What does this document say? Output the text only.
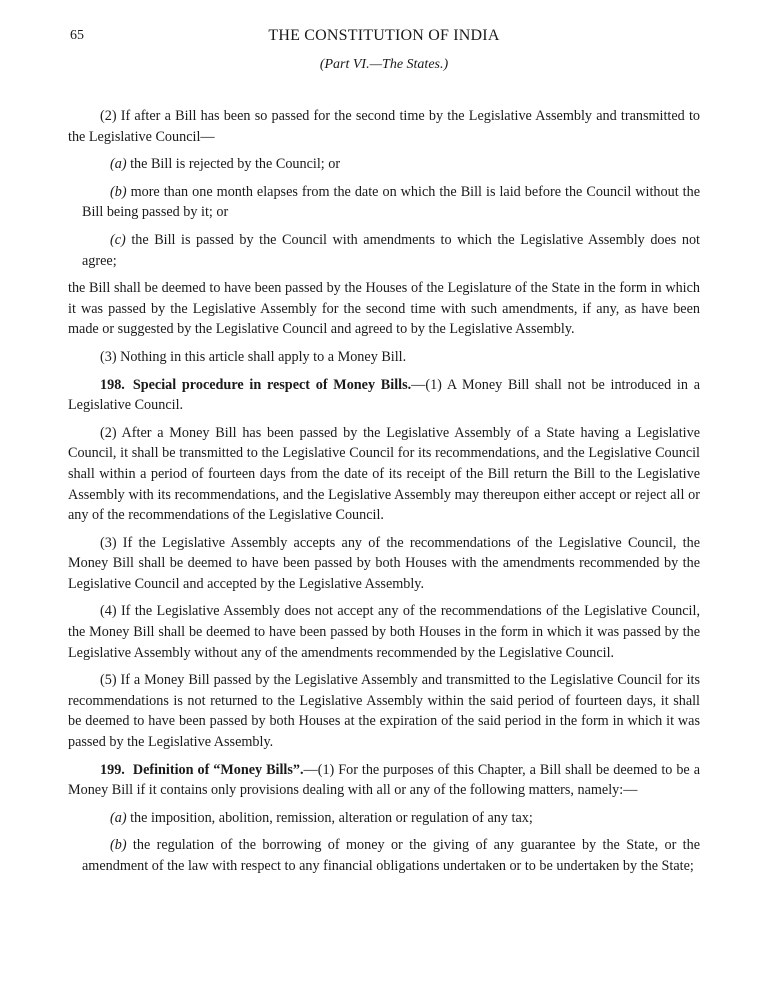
65	THE CONSTITUTION OF INDIA
(Part VI.—The States.)

(2) If after a Bill has been so passed for the second time by the Legislative Assembly and transmitted to the Legislative Council—

(a) the Bill is rejected by the Council; or

(b) more than one month elapses from the date on which the Bill is laid before the Council without the Bill being passed by it; or

(c) the Bill is passed by the Council with amendments to which the Legislative Assembly does not agree;

the Bill shall be deemed to have been passed by the Houses of the Legislature of the State in the form in which it was passed by the Legislative Assembly for the second time with such amendments, if any, as have been made or suggested by the Legislative Council and agreed to by the Legislative Assembly.

(3) Nothing in this article shall apply to a Money Bill.

198. Special procedure in respect of Money Bills.—(1) A Money Bill shall not be introduced in a Legislative Council.

(2) After a Money Bill has been passed by the Legislative Assembly of a State having a Legislative Council, it shall be transmitted to the Legislative Council for its recommendations, and the Legislative Council shall within a period of fourteen days from the date of its receipt of the Bill return the Bill to the Legislative Assembly with its recommendations, and the Legislative Assembly may thereupon either accept or reject all or any of the recommendations of the Legislative Council.

(3) If the Legislative Assembly accepts any of the recommendations of the Legislative Council, the Money Bill shall be deemed to have been passed by both Houses with the amendments recommended by the Legislative Council and accepted by the Legislative Assembly.

(4) If the Legislative Assembly does not accept any of the recommendations of the Legislative Council, the Money Bill shall be deemed to have been passed by both Houses in the form in which it was passed by the Legislative Assembly without any of the amendments recommended by the Legislative Council.

(5) If a Money Bill passed by the Legislative Assembly and transmitted to the Legislative Council for its recommendations is not returned to the Legislative Assembly within the said period of fourteen days, it shall be deemed to have been passed by both Houses at the expiration of the said period in the form in which it was passed by the Legislative Assembly.

199. Definition of “Money Bills”.—(1) For the purposes of this Chapter, a Bill shall be deemed to be a Money Bill if it contains only provisions dealing with all or any of the following matters, namely:—

(a) the imposition, abolition, remission, alteration or regulation of any tax;

(b) the regulation of the borrowing of money or the giving of any guarantee by the State, or the amendment of the law with respect to any financial obligations undertaken or to be undertaken by the State;
